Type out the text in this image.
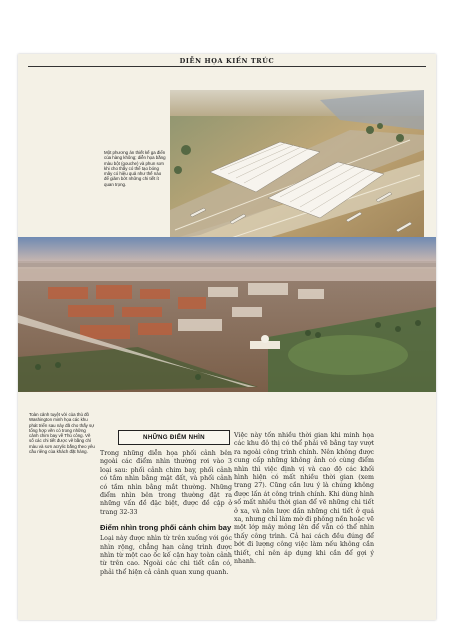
DIỄN HỌA KIẾN TRÚC
Một phương án thiết kế ga điển của hàng không; diễn họa bằng màu bột (gouche) và phun sơn khi cho thấy có thể tạo bóng mây có hiệu quả như thế nào để giảm bớt những chi tiết ít quan trọng.
Toàn cảnh tuyệt vời của thủ đô Washington minh họa các khu phát triển sau này đã cho thấy sự tổng hợp vẽn có trong những cảnh chim bay về Thủ công. Vẽ số các chi tiết được vẽ bằng chì màu và sơn acrylic bằng theo yêu cầu riêng của khách đặt hàng.
NHỮNG ĐIỂM NHÌN

Trong những diễn họa phối cảnh bên ngoài các điểm nhìn thường rơi vào 3 loại sau: phối cảnh chim bay, phối cảnh có tầm nhìn bằng mặt đất, và phối cảnh có tầm nhìn bằng mắt thường. Những điểm nhìn bên trong thường đặt ra những vấn đề đặc biệt, được đề cập ở trang 32-33

Điểm nhìn trong phối cảnh chim bay

Loại này được nhìn từ trên xuống với góc nhìn rộng, chẳng hạn cảng trình được nhìn từ một cao ốc kế cận hay toàn cảnh từ trên cao. Ngoài các chi tiết cần có, phải thể hiện cả cảnh quan xung quanh.

Việc này tốn nhiều thời gian khi minh họa các khu đô thị có thể phải vẽ bằng tay vượt ra ngoài công trình chính. Nên không được cung cấp những không ảnh có cùng điểm nhìn thì việc định vị và cao độ các khối hình hiện có mất nhiều thời gian (xem trang 27). Cũng cần lưu ý là chúng không được lấn át công trình chính. Khi dùng hình số mất nhiều thời gian để vẽ những chi tiết ở xa, và nên lược dần những chi tiết ở quá xa, nhưng chỉ làm mờ đi phông nền hoặc vẽ một lớp mây mỏng lên để vẫn có thể nhìn thấy công trình. Cả hai cách đều đúng để bớt đi lượng công việc làm nếu không cần thiết, chỉ nên áp dụng khi cần để gợi ý nhanh.
